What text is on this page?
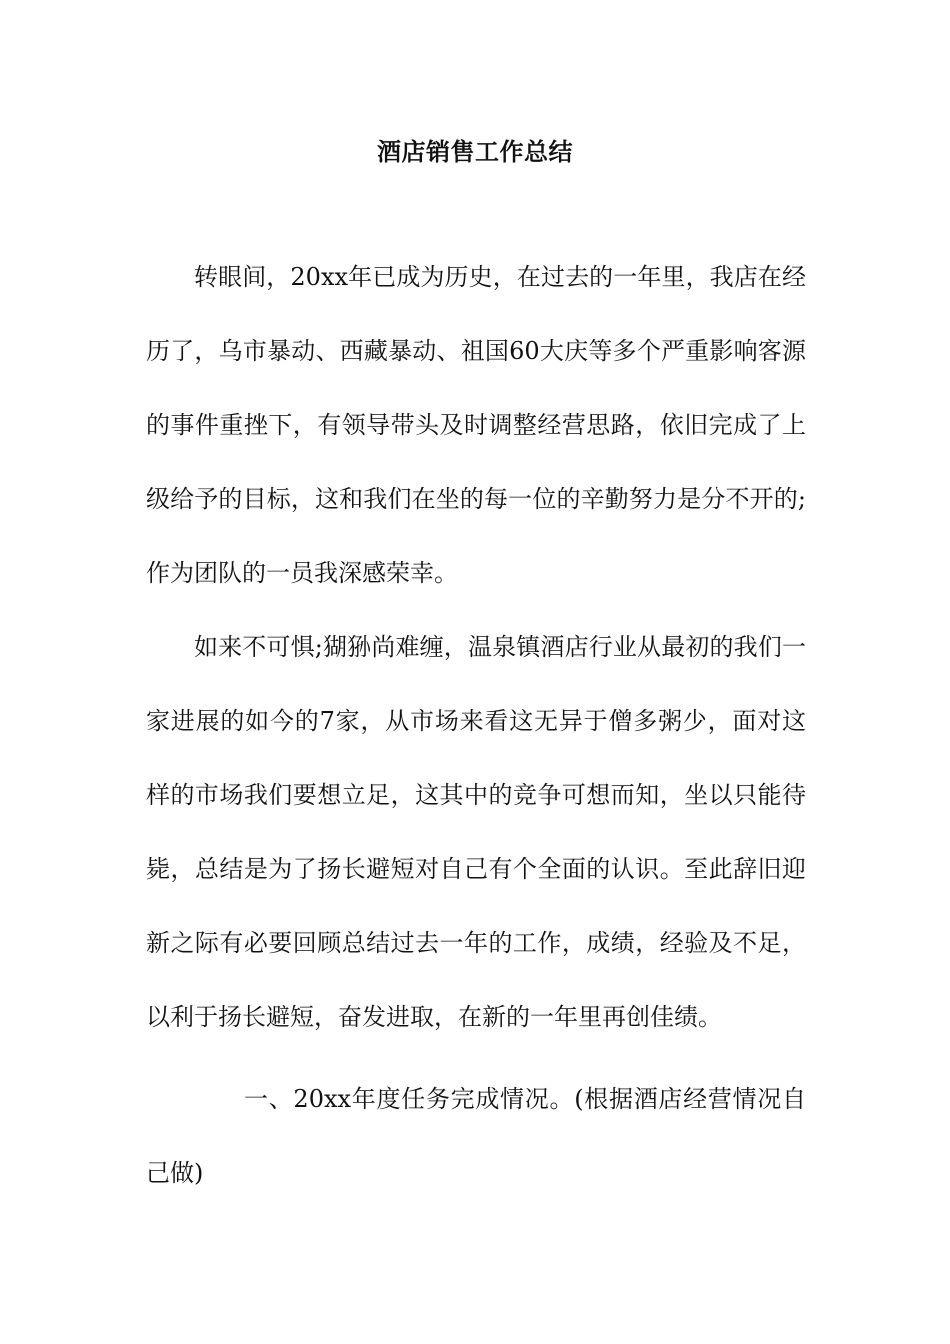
酒店销售工作总结
转眼间，20xx年已成为历史，在过去的一年里，我店在经历了，乌市暴动、西藏暴动、祖国60大庆等多个严重影响客源的事件重挫下，有领导带头及时调整经营思路，依旧完成了上级给予的目标，这和我们在坐的每一位的辛勤努力是分不开的;作为团队的一员我深感荣幸。
如来不可惧;猢狲尚难缠，温泉镇酒店行业从最初的我们一家进展的如今的7家，从市场来看这无异于僧多粥少，面对这样的市场我们要想立足，这其中的竞争可想而知，坐以只能待毙，总结是为了扬长避短对自己有个全面的认识。至此辞旧迎新之际有必要回顾总结过去一年的工作，成绩，经验及不足，以利于扬长避短，奋发进取，在新的一年里再创佳绩。
一、20xx年度任务完成情况。(根据酒店经营情况自己做)
